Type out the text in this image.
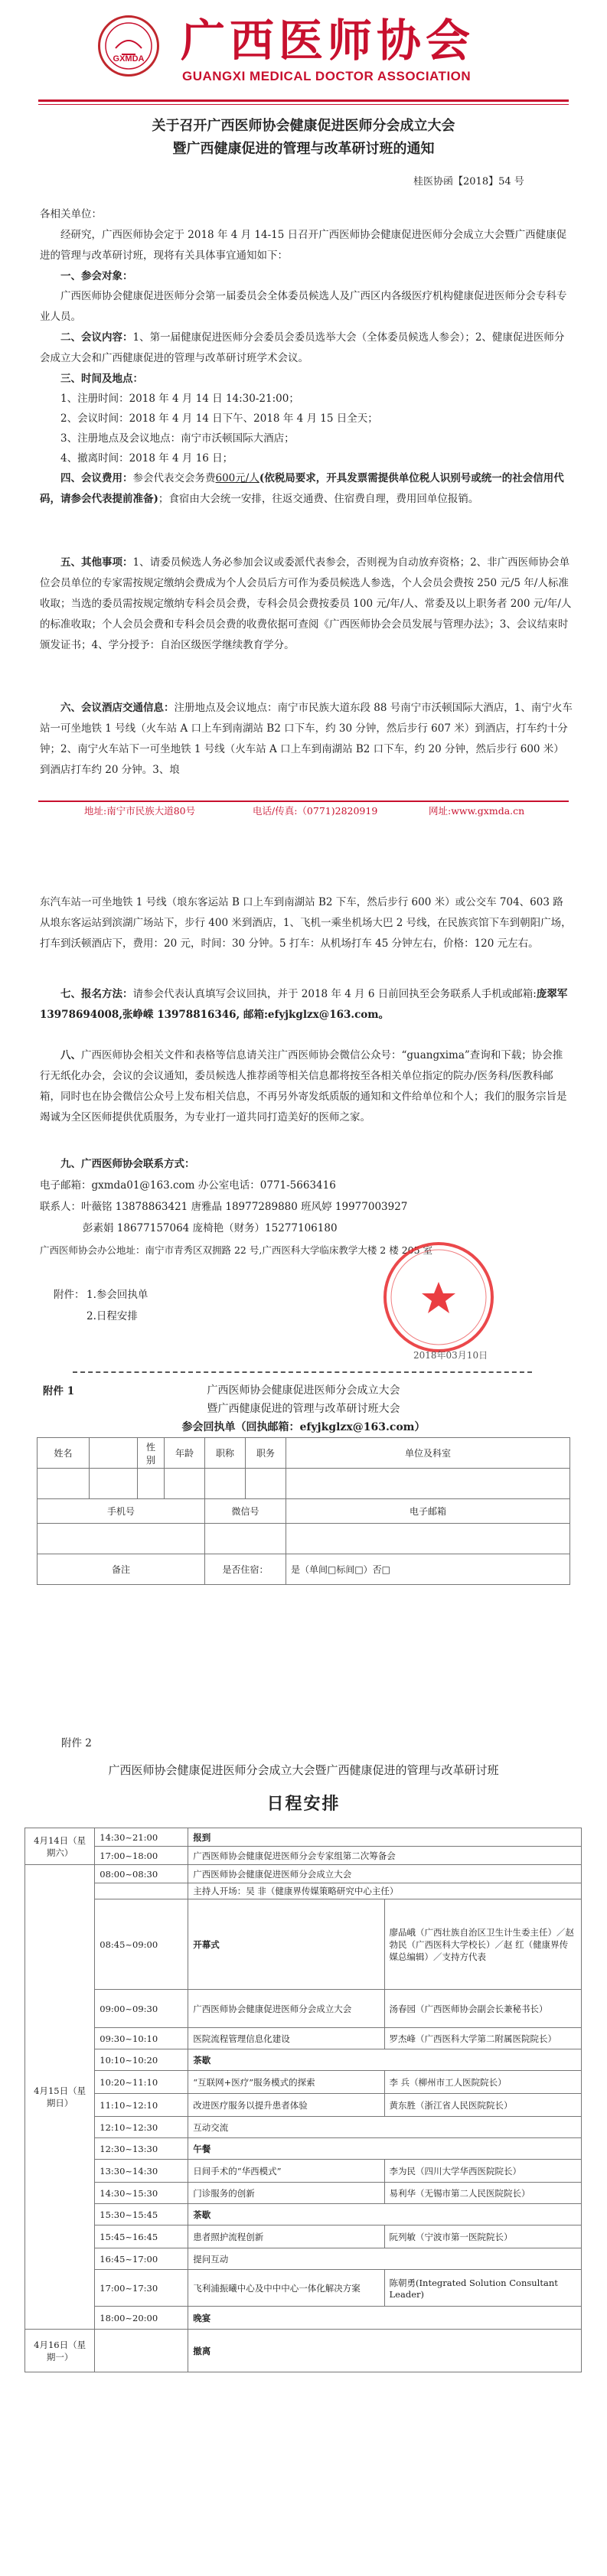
GXMDA 广西医师协会
GUANGXI MEDICAL DOCTOR ASSOCIATION
关于召开广西医师协会健康促进医师分会成立大会
暨广西健康促进的管理与改革研讨班的通知
桂医协函【2018】54 号
各相关单位：
经研究，广西医师协会定于 2018 年 4 月 14-15 日召开广西医师协会健康促进医师分会成立大会暨广西健康促进的管理与改革研讨班，现将有关具体事宜通知如下：
一、参会对象：
广西医师协会健康促进医师分会第一届委员会全体委员候选人及广西区内各级医疗机构健康促进医师分会专科专业人员。
二、会议内容：1、第一届健康促进医师分会委员会委员选举大会（全体委员候选人参会）；2、健康促进医师分会成立大会和广西健康促进的管理与改革研讨班学术会议。
三、时间及地点：
1、注册时间：2018 年 4 月 14 日 14:30-21:00；
2、会议时间：2018 年 4 月 14 日下午、2018 年 4 月 15 日全天；
3、注册地点及会议地点：南宁市沃顿国际大酒店；
4、撤离时间：2018 年 4 月 16 日；
四、会议费用：参会代表交会务费600元/人(依税局要求，开具发票需提供单位税人识别号或统一的社会信用代码，请参会代表提前准备)；食宿由大会统一安排，往返交通费、住宿费自理，费用回单位报销。
五、其他事项：1、请委员候选人务必参加会议或委派代表参会，否则视为自动放弃资格；2、非广西医师协会单位会员单位的专家需按规定缴纳会费成为个人会员后方可作为委员候选人参选，个人会员会费按 250 元/5 年/人标准收取；当选的委员需按规定缴纳专科会员会费，专科会员会费按委员 100 元/年/人、常委及以上职务者 200 元/年/人的标准收取；个人会员会费和专科会员会费的收费依据可查阅《广西医师协会会员发展与管理办法》；3、会议结束时颁发证书；4、学分授予：自治区级医学继续教育学分。
六、会议酒店交通信息：注册地点及会议地点：南宁市民族大道东段 88 号南宁市沃顿国际大酒店，1、南宁火车站一可坐地铁 1 号线（火车站 A 口上车到南湖站 B2 口下车，约 30 分钟，然后步行 607 米）到酒店，打车约十分钟；2、南宁火车站下一可坐地铁 1 号线（火车站 A 口上车到南湖站 B2 口下车，约 20 分钟，然后步行 600 米）到酒店打车约 20 分钟。3、埌
地址:南宁市民族大道80号	电话/传真:（0771)2820919	网址:www.gxmda.cn
东汽车站一可坐地铁 1 号线（埌东客运站 B 口上车到南湖站 B2 下车，然后步行 600 米）或公交车 704、603 路从埌东客运站到滨湖广场站下，步行 400 米到酒店，1、飞机一乘坐机场大巴 2 号线，在民族宾馆下车到朝阳广场，打车到沃顿酒店下，费用：20 元，时间：30 分钟。5 打车：从机场打车 45 分钟左右，价格：120 元左右。
七、报名方法：请参会代表认真填写会议回执，并于 2018 年 4 月 6 日前回执至会务联系人手机或邮箱:庞翠军 13978694008,张峥嵘 13978816346, 邮箱:efyjkglzx@163.com。
八、广西医师协会相关文件和表格等信息请关注广西医师协会微信公众号：“guangxima”查询和下载；协会推行无纸化办会，会议的会议通知，委员候选人推荐函等相关信息都将按至各相关单位指定的院办/医务科/医教科邮箱，同时也在协会微信公众号上发布相关信息，不再另外寄发纸质版的通知和文件给单位和个人；我们的服务宗旨是竭诚为全区医师提供优质服务，为专业打一道共同打造美好的医师之家。
九、广西医师协会联系方式：
电子邮箱：gxmda01@163.com 办公室电话：0771-5663416
联系人：叶薇铭 13878863421 唐雅晶 18977289880 班风婷 19977003927
彭素娟 18677157064 庞椅艳（财务）15277106180
广西医师协会办公地址：南宁市青秀区双拥路 22 号,广西医科大学临床教学大楼 2 楼 205 室
附件： 1.参会回执单
2.日程安排
2018年03月10日
附件 1	广西医师协会健康促进医师分会成立大会
暨广西健康促进的管理与改革研讨班大会
参会回执单（回执邮箱：efyjkglzx@163.com）
姓名		性别	年龄	职称	职务	单位及科室

手机号				微信号		电子邮箱

备注				是否住宿：		是（单间□标间□）否□
附件 2
广西医师协会健康促进医师分会成立大会暨广西健康促进的管理与改革研讨班
日程安排
4月14日（星期六）	14:30~21:00	报到	
	17:00~18:00	广西医师协会健康促进医师分会专家组第二次筹备会	
4月15日（星期日）	08:00~08:30	广西医师协会健康促进医师分会成立大会	
		主持人开场：吴 非（健康界传媒策略研究中心主任）	
	08:45~09:00	开幕式	廖品峨（广西壮族自治区卫生计生委主任）／赵勃民（广西医科大学校长）／赵 红（健康界传媒总编辑）／支持方代表
	09:00~09:30	广西医师协会健康促进医师分会成立大会	汤春园（广西医师协会副会长兼秘书长）
	09:30~10:10	医院流程管理信息化建设	罗杰峰（广西医科大学第二附属医院院长）
	10:10~10:20	茶歇	
	10:20~11:10	“互联网+医疗”服务模式的探索	李 兵（柳州市工人医院院长）
	11:10~12:10	改进医疗服务以提升患者体验	黄东胜（浙江省人民医院院长）
	12:10~12:30	互动交流	
	12:30~13:30	午餐	
	13:30~14:30	日间手术的“华西模式”	李为民（四川大学华西医院院长）
	14:30~15:30	门诊服务的创新	易利华（无锡市第二人民医院院长）
	15:30~15:45	茶歇	
	15:45~16:45	患者照护流程创新	阮列敏（宁波市第一医院院长）
	16:45~17:00	提问互动	
	17:00~17:30	飞利浦振曦中心及中中中心一体化解决方案	陈朝勇(Integrated Solution Consultant Leader)
	18:00~20:00	晚宴	
4月16日（星期一）		撤离	
